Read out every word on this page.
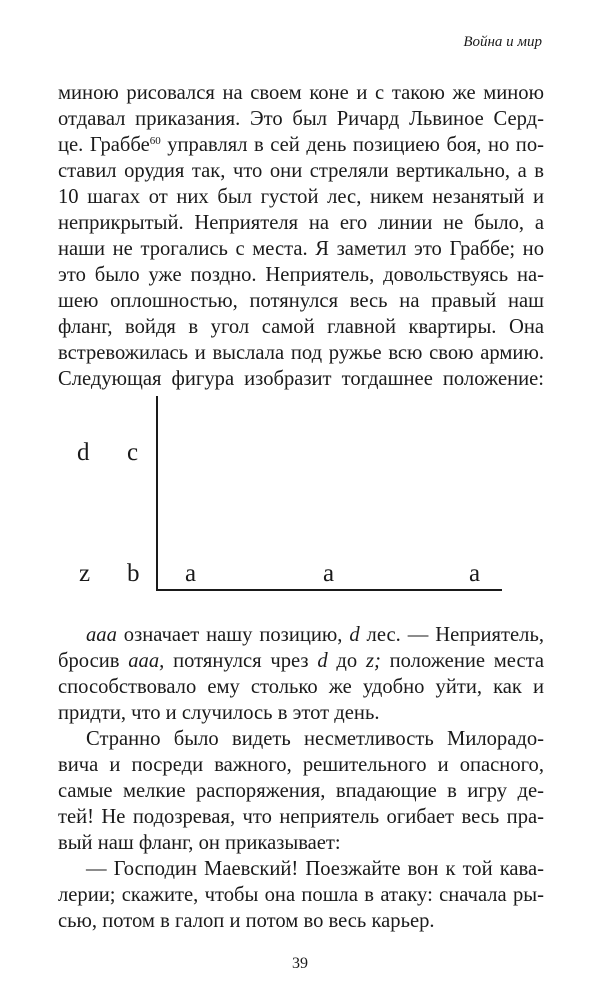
Война и мир
миною рисовался на своем коне и с такою же миною
отдавал приказания. Это был Ричард Львиное Серд-
це. Граббе$^{60}$ управлял в сей день позициею боя, но по-
ставил орудия так, что они стреляли вертикально, а в
10 шагах от них был густой лес, никем незанятый и
неприкрытый. Неприятеля на его линии не было, а
наши не трогались с места. Я заметил это Граббе; но
это было уже поздно. Неприятель, довольствуясь на-
шею оплошностью, потянулся весь на правый наш
фланг, войдя в угол самой главной квартиры. Она
встревожилась и выслала под ружье всю свою армию.
Следующая фигура изобразит тогдашнее положение:
d c
z b a	a	a
aaa означает нашу позицию, d лес. — Неприятель,
бросив aaa, потянулся чрез d до z; положение места
способствовало ему столько же удобно уйти, как и
придти, что и случилось в этот день.
Странно было видеть несметливость Милорадо-
вича и посреди важного, решительного и опасного,
самые мелкие распоряжения, впадающие в игру де-
тей! Не подозревая, что неприятель огибает весь пра-
вый наш фланг, он приказывает:
— Господин Маевский! Поезжайте вон к той кава-
лерии; скажите, чтобы она пошла в атаку: сначала ры-
сью, потом в галоп и потом во весь карьер.
39
